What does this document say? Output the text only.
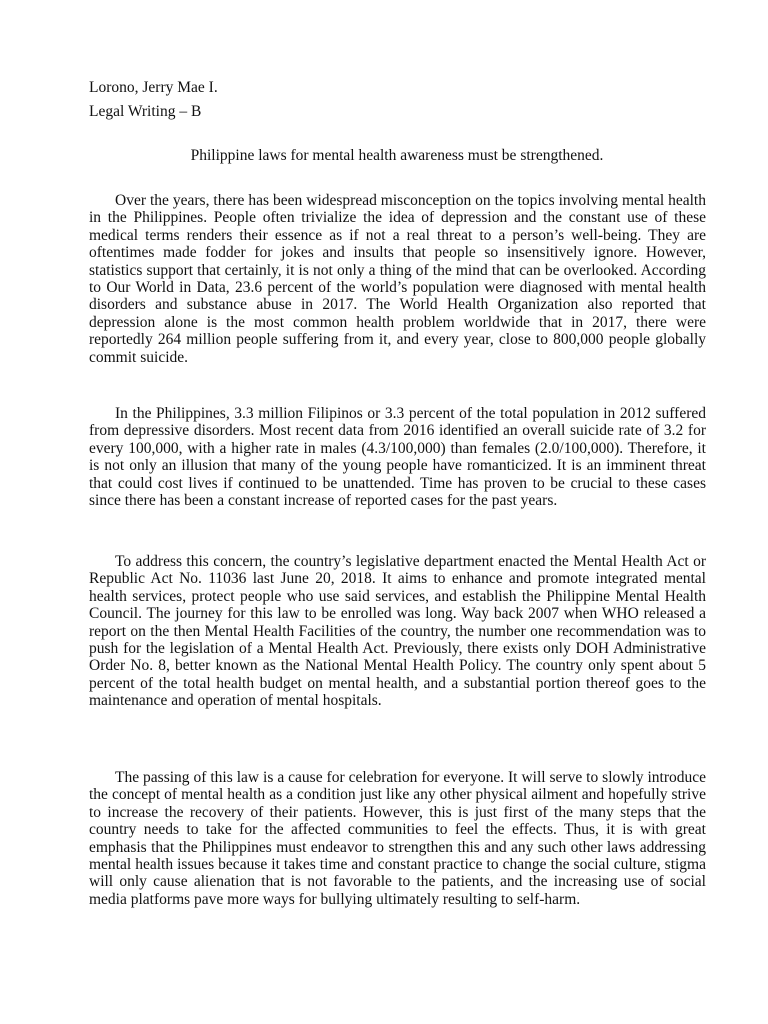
Lorono, Jerry Mae I.
Legal Writing – B
Philippine laws for mental health awareness must be strengthened.

Over the years, there has been widespread misconception on the topics involving mental health in the Philippines. People often trivialize the idea of depression and the constant use of these medical terms renders their essence as if not a real threat to a person’s well-being. They are oftentimes made fodder for jokes and insults that people so insensitively ignore. However, statistics support that certainly, it is not only a thing of the mind that can be overlooked. According to Our World in Data, 23.6 percent of the world’s population were diagnosed with mental health disorders and substance abuse in 2017. The World Health Organization also reported that depression alone is the most common health problem worldwide that in 2017, there were reportedly 264 million people suffering from it, and every year, close to 800,000 people globally commit suicide.

In the Philippines, 3.3 million Filipinos or 3.3 percent of the total population in 2012 suffered from depressive disorders. Most recent data from 2016 identified an overall suicide rate of 3.2 for every 100,000, with a higher rate in males (4.3/100,000) than females (2.0/100,000). Therefore, it is not only an illusion that many of the young people have romanticized. It is an imminent threat that could cost lives if continued to be unattended. Time has proven to be crucial to these cases since there has been a constant increase of reported cases for the past years.

To address this concern, the country’s legislative department enacted the Mental Health Act or Republic Act No. 11036 last June 20, 2018. It aims to enhance and promote integrated mental health services, protect people who use said services, and establish the Philippine Mental Health Council. The journey for this law to be enrolled was long. Way back 2007 when WHO released a report on the then Mental Health Facilities of the country, the number one recommendation was to push for the legislation of a Mental Health Act. Previously, there exists only DOH Administrative Order No. 8, better known as the National Mental Health Policy. The country only spent about 5 percent of the total health budget on mental health, and a substantial portion thereof goes to the maintenance and operation of mental hospitals.

The passing of this law is a cause for celebration for everyone. It will serve to slowly introduce the concept of mental health as a condition just like any other physical ailment and hopefully strive to increase the recovery of their patients. However, this is just first of the many steps that the country needs to take for the affected communities to feel the effects. Thus, it is with great emphasis that the Philippines must endeavor to strengthen this and any such other laws addressing mental health issues because it takes time and constant practice to change the social culture, stigma will only cause alienation that is not favorable to the patients, and the increasing use of social media platforms pave more ways for bullying ultimately resulting to self-harm.
